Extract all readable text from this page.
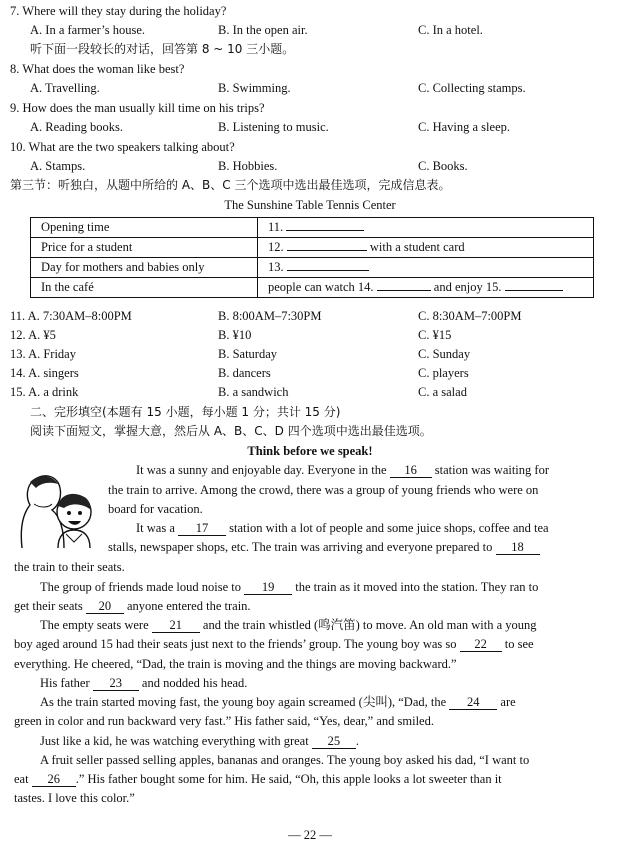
7. Where will they stay during the holiday?
A. In a farmer’s house.	B. In the open air.	C. In a hotel.
听下面一段较长的对话，回答第 8 ~ 10 三小题。
8. What does the woman like best?
A. Travelling.	B. Swimming.	C. Collecting stamps.
9. How does the man usually kill time on his trips?
A. Reading books.	B. Listening to music.	C. Having a sleep.
10. What are the two speakers talking about?
A. Stamps.	B. Hobbies.	C. Books.
第三节：听独白，从题中所给的 A、B、C 三个选项中选出最佳选项，完成信息表。
The Sunshine Table Tennis Center
Opening time	11.
Price for a student	12. with a student card
Day for mothers and babies only	13.
In the café	people can watch 14. and enjoy 15.
11. A. 7:30AM–8:00PM	B. 8:00AM–7:30PM	C. 8:30AM–7:00PM
12. A. ¥5	B. ¥10	C. ¥15
13. A. Friday	B. Saturday	C. Sunday
14. A. singers	B. dancers	C. players
15. A. a drink	B. a sandwich	C. a salad
二、完形填空(本题有 15 小题，每小题 1 分；共计 15 分)
阅读下面短文，掌握大意，然后从 A、B、C、D 四个选项中选出最佳选项。
Think before we speak!
It was a sunny and enjoyable day. Everyone in the 16 station was waiting for
the train to arrive. Among the crowd, there was a group of young friends who were on
board for vacation.
It was a 17 station with a lot of people and some juice shops, coffee and tea
stalls, newspaper shops, etc. The train was arriving and everyone prepared to 18
the train to their seats.
The group of friends made loud noise to 19 the train as it moved into the station. They ran to
get their seats 20 anyone entered the train.
The empty seats were 21 and the train whistled (鸣汽笛) to move. An old man with a young
boy aged around 15 had their seats just next to the friends’ group. The young boy was so 22 to see
everything. He cheered, “Dad, the train is moving and the things are moving backward.”
His father 23 and nodded his head.
As the train started moving fast, the young boy again screamed (尖叫), “Dad, the 24 are
green in color and run backward very fast.” His father said, “Yes, dear,” and smiled.
Just like a kid, he was watching everything with great 25 .
A fruit seller passed selling apples, bananas and oranges. The young boy asked his dad, “I want to
eat 26 .” His father bought some for him. He said, “Oh, this apple looks a lot sweeter than it
tastes. I love this color.”
— 22 —
